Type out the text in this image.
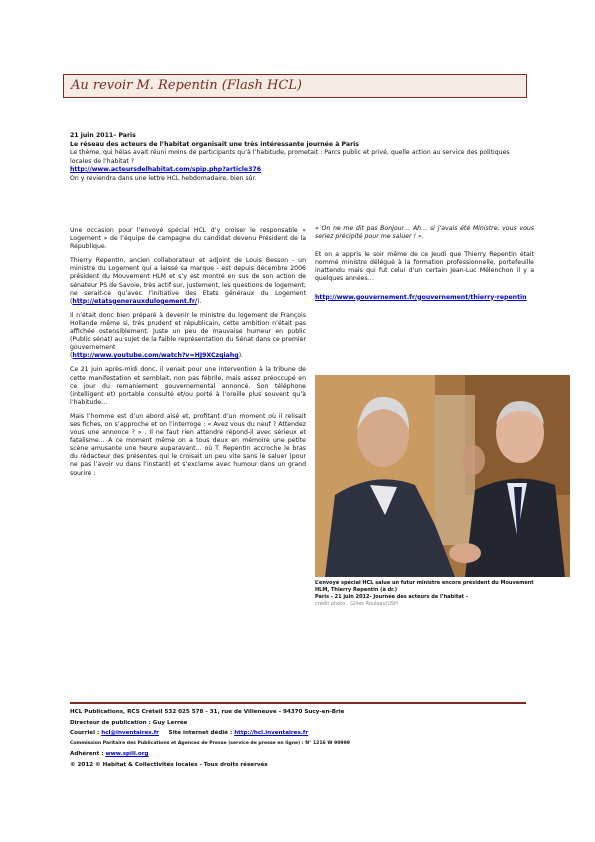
Au revoir M. Repentin (Flash HCL)

21 juin 2011– Paris

Le réseau des acteurs de l’habitat organisait une très intéressante journée à Paris

Le thème, qui hélas avait réuni moins de participants qu’à l’habitude, prometait : Parcs public et privé, quelle action au service des politiques locales de l’habitat ?

http://www.acteursdelhabitat.com/spip.php?article376

On y reviendra dans une lettre HCL hebdomadaire, bien sûr.

Une occasion pour l’envoyé spécial HCL d’y croiser le responsable « Logement » de l’équipe de campagne du candidat devenu Président de la République.

Thierry Repentin, ancien collaborateur et adjoint de Louis Besson - un ministre du Logement qui a laissé sa marque - est depuis décembre 2006 président du Mouvement HLM et s’y est montré en sus de son action de sénateur PS de Savoie, très actif sur, justement, les questions de logement; ne serait-ce qu’avec l’initiative des Etats généraux du Logement (http://etatsgenerauxdulogement.fr/).

Il n’était donc bien préparé à devenir le ministre du logement de François Hollande même si, très prudent et républicain, cette ambition n’était pas affichée ostensiblement. Juste un peu de mauvaise humeur en public (Public sénat) au sujet de la faible représentation du Sénat dans ce premier gouvernement
(http://www.youtube.com/watch?v=HJ9XCzqiahg).

Ce 21 juin après-midi donc, il venait pour une intervention à la tribune de cette manifestation et semblait, non pas fébrile, mais assez préoccupé en ce jour du remaniement gouvernemental annoncé. Son téléphone (intelligent et) portable consulté et/ou porté à l’oreille plus souvent qu’à l’habitude…

Mais l’homme est d’un abord aisé et, profitant d’un moment où il relisait ses fiches, on s’approche et on l’interroge : « Avez vous du neuf ? Attendez vous une annonce ? » . Il ne faut rien attendre répond-il avec sérieux et fatalisme… A ce moment même on a tous deux en mémoire une petite scène amusante une heure auparavant… où T. Repentin accroche le bras du rédacteur des présentes qui le croisait un peu vite sans le saluer (pour ne pas l’avoir vu dans l’instant) et s’exclame avec humour dans un grand sourire :

« On ne me dit pas Bonjour… Ah… si j’avais été Ministre, vous vous seriez précipité pour me saluer ! ».

Et on a appris le soir même de ce Jeudi que Thierry Repentin était nommé ministre délégué à la formation professionnelle, portefeuille inattendu mais qui fut celui d’un certain Jean-Luc Mélenchon il y a quelques années…

http://www.gouvernement.fr/gouvernement/thierry-repentin

L’envoyé spécial HCL salue un futur ministre encore président du Mouvement HLM, Thierry Repentin (à dr.)
Paris - 21 juin 2012- Journée des acteurs de l’habitat -
crédit photo : Gilles Rouleau/USH
HCL Publications, RCS Créteil 532 025 578 - 31, rue de Villeneuve - 94370 Sucy-en-Brie
Directeur de publication : Guy Lerrée
Courriel : hcl@inventaires.fr Site internet dédié : http://hcl.inventaires.fr
Commission Paritaire des Publications et Agences de Presse (service de presse en ligne) : N° 1216 W 90999
Adhérent : www.spiil.org
© 2012 © Habitat & Collectivités locales - Tous droits réservés
